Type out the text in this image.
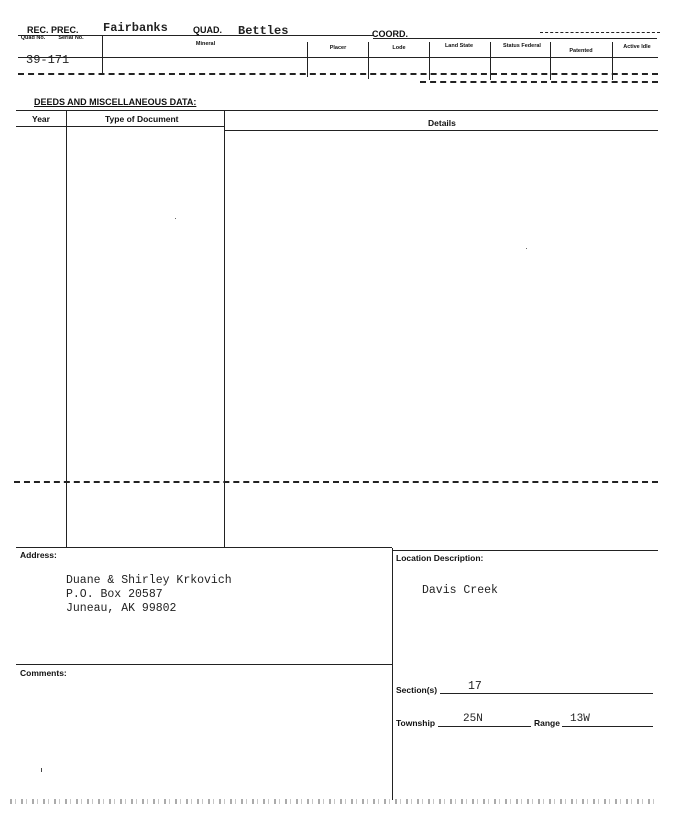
REC. PREC. Fairbanks	QUAD. Bettles	COORD.
Quad No.	Serial No.
Mineral
Placer	Lode	Land State	Status Federal
Patented
Active Idle
39-171
DEEDS AND MISCELLANEOUS DATA:
Year	Type of Document	Details
Address:
Duane & Shirley Krkovich
P.O. Box 20587
Juneau, AK 99802
Location Description:
Davis Creek
Comments:
Section(s)	17
Township	25N	Range 13W
